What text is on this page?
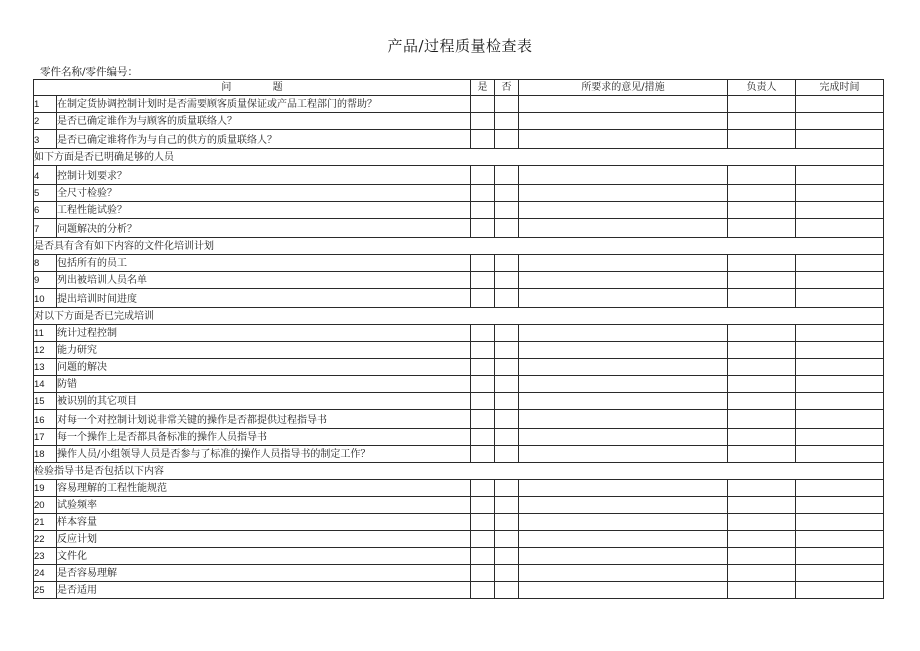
产品/过程质量检查表
零件名称/零件编号：
问 题		是	否	所要求的意见/措施	负责人	完成时间
1	在制定货协调控制计划时是否需要顾客质量保证或产品工程部门的帮助？					
2	是否已确定谁作为与顾客的质量联络人？					
3	是否已确定谁将作为与自己的供方的质量联络人？					
如下方面是否已明确足够的人员						
4	控制计划要求？					
5	全尺寸检验？					
6	工程性能试验？					
7	问题解决的分析？					
是否具有含有如下内容的文件化培训计划						
8	包括所有的员工					
9	列出被培训人员名单					
10	提出培训时间进度					
对以下方面是否已完成培训						
11	统计过程控制					
12	能力研究					
13	问题的解决					
14	防错					
15	被识别的其它项目					
16	对每一个对控制计划说非常关键的操作是否都提供过程指导书					
17	每一个操作上是否都具备标准的操作人员指导书					
18	操作人员/小组领导人员是否参与了标准的操作人员指导书的制定工作？					
检验指导书是否包括以下内容						
19	容易理解的工程性能规范					
20	试验频率					
21	样本容量					
22	反应计划					
23	文件化					
24	是否容易理解					
25	是否适用					
